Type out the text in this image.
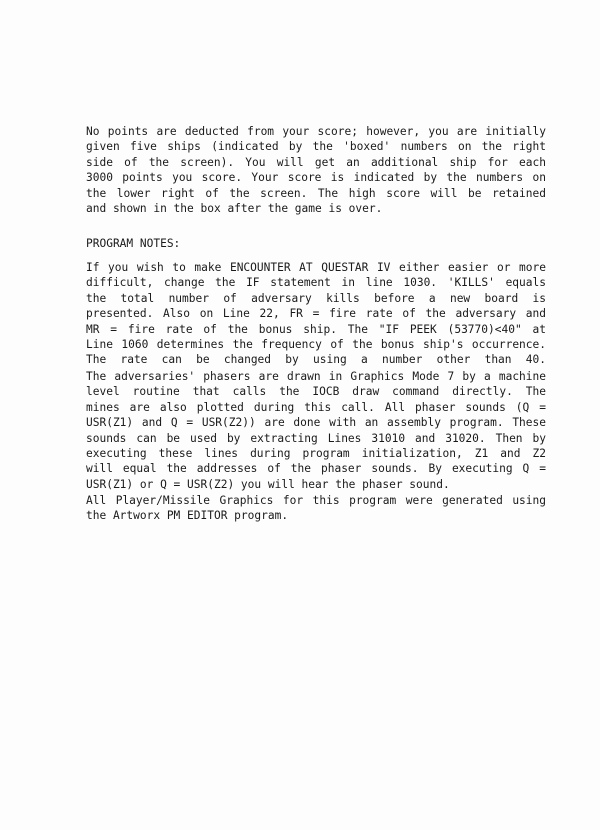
No points are deducted from your score; however, you are initially
given five ships (indicated by the 'boxed' numbers on the right
side of the screen). You will get an additional ship for each
3000 points you score. Your score is indicated by the numbers on
the lower right of the screen. The high score will be retained
and shown in the box after the game is over.
PROGRAM NOTES:
If you wish to make ENCOUNTER AT QUESTAR IV either easier or more
difficult, change the IF statement in line 1030. 'KILLS' equals
the total number of adversary kills before a new board is
presented. Also on Line 22, FR = fire rate of the adversary and
MR = fire rate of the bonus ship. The "IF PEEK (53770)<40" at
Line 1060 determines the frequency of the bonus ship's occurrence.
The rate can be changed by using a number other than 40.
The adversaries' phasers are drawn in Graphics Mode 7 by a machine
level routine that calls the IOCB draw command directly. The
mines are also plotted during this call. All phaser sounds (Q =
USR(Z1) and Q = USR(Z2)) are done with an assembly program. These
sounds can be used by extracting Lines 31010 and 31020. Then by
executing these lines during program initialization, Z1 and Z2
will equal the addresses of the phaser sounds. By executing Q =
USR(Z1) or Q = USR(Z2) you will hear the phaser sound.
All Player/Missile Graphics for this program were generated using
the Artworx PM EDITOR program.
